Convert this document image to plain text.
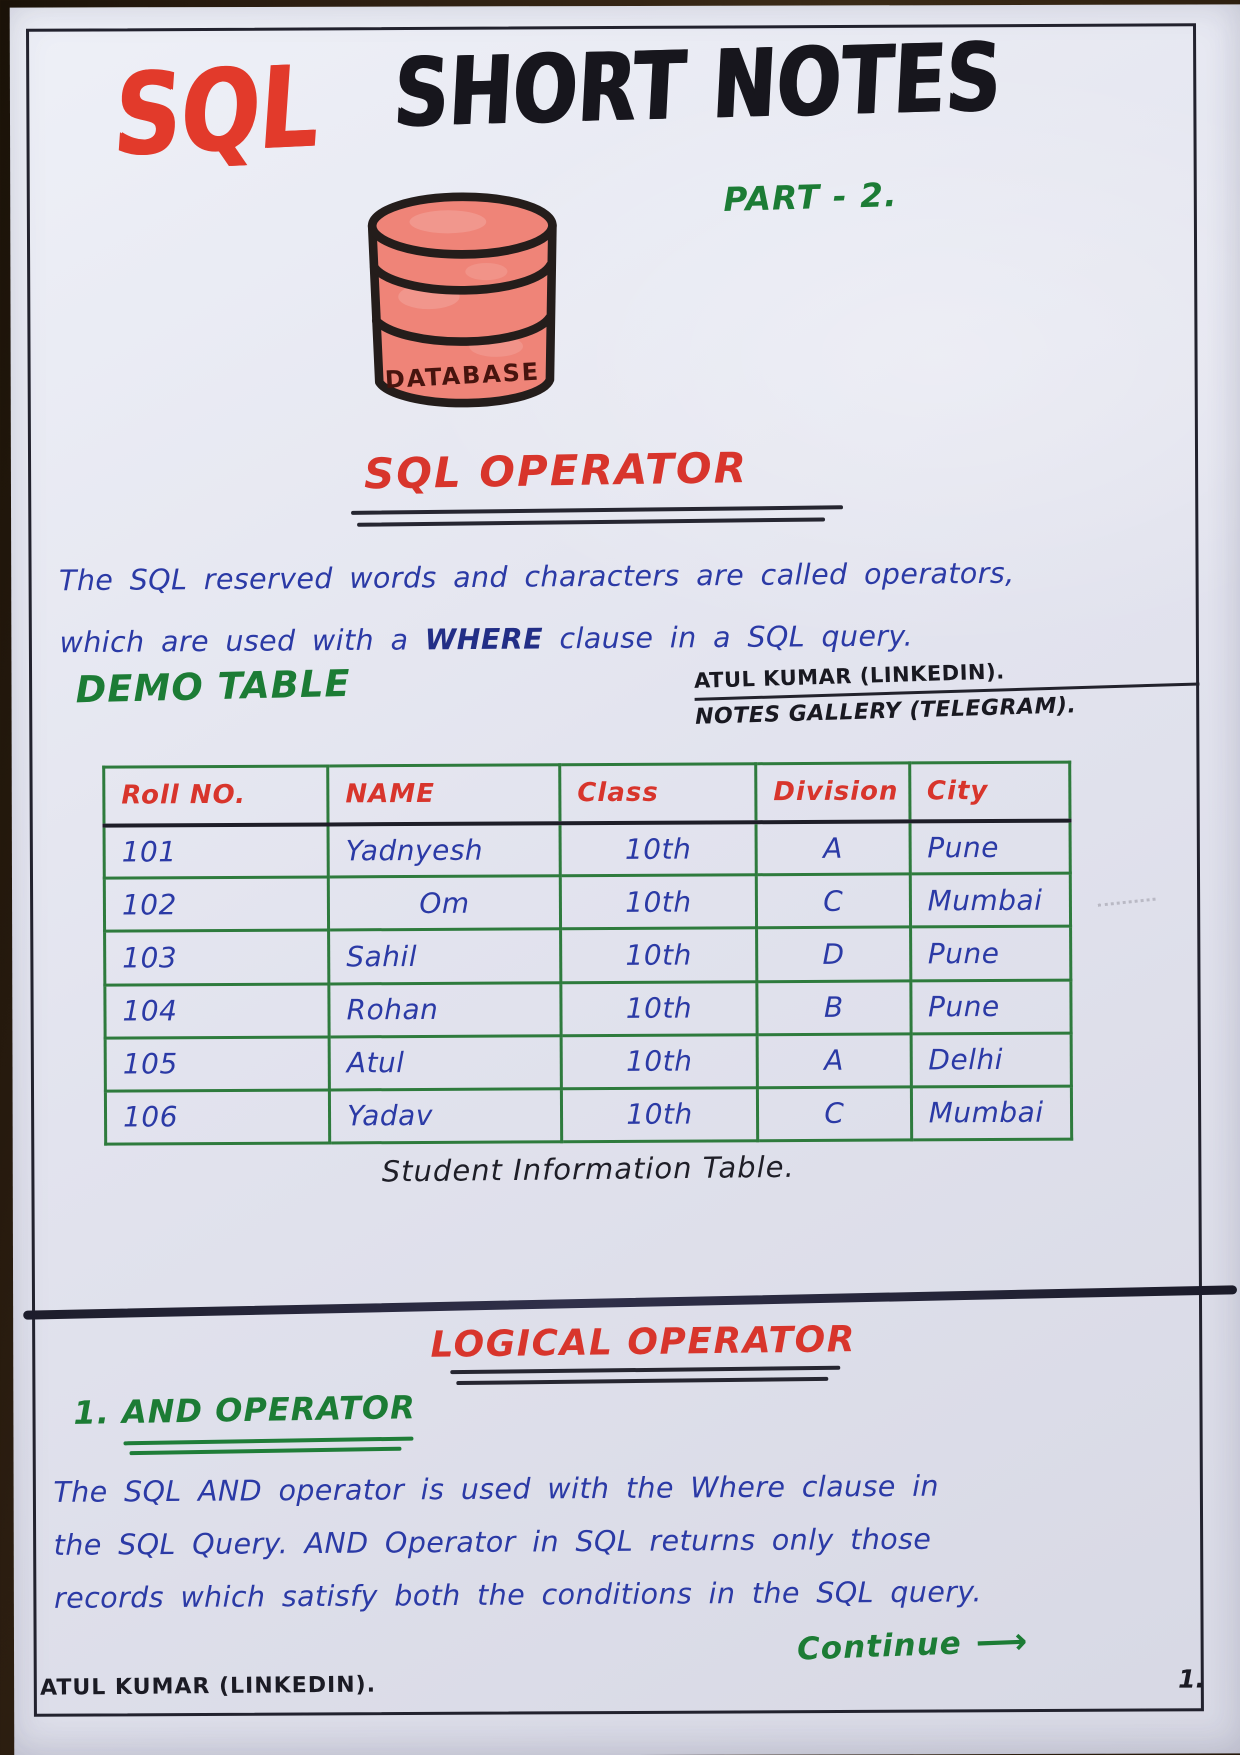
SQL SHORT NOTES
PART - 2.
DATABASE
SQL OPERATOR
The SQL reserved words and characters are called operators,
which are used with a WHERE clause in a SQL query.
DEMO TABLE	ATUL KUMAR (LINKEDIN).
NOTES GALLERY (TELEGRAM).
Roll NO.	NAME	Class	Division	City
101	Yadnyesh	10th	A	Pune
102	Om	10th	C	Mumbai
103	Sahil	10th	D	Pune
104	Rohan	10th	B	Pune
105	Atul	10th	A	Delhi
106	Yadav	10th	C	Mumbai
Student Information Table.
LOGICAL OPERATOR
1. AND OPERATOR
The SQL AND operator is used with the Where clause in
the SQL Query. AND Operator in SQL returns only those
records which satisfy both the conditions in the SQL query.
Continue ⟶
ATUL KUMAR (LINKEDIN).	1.
